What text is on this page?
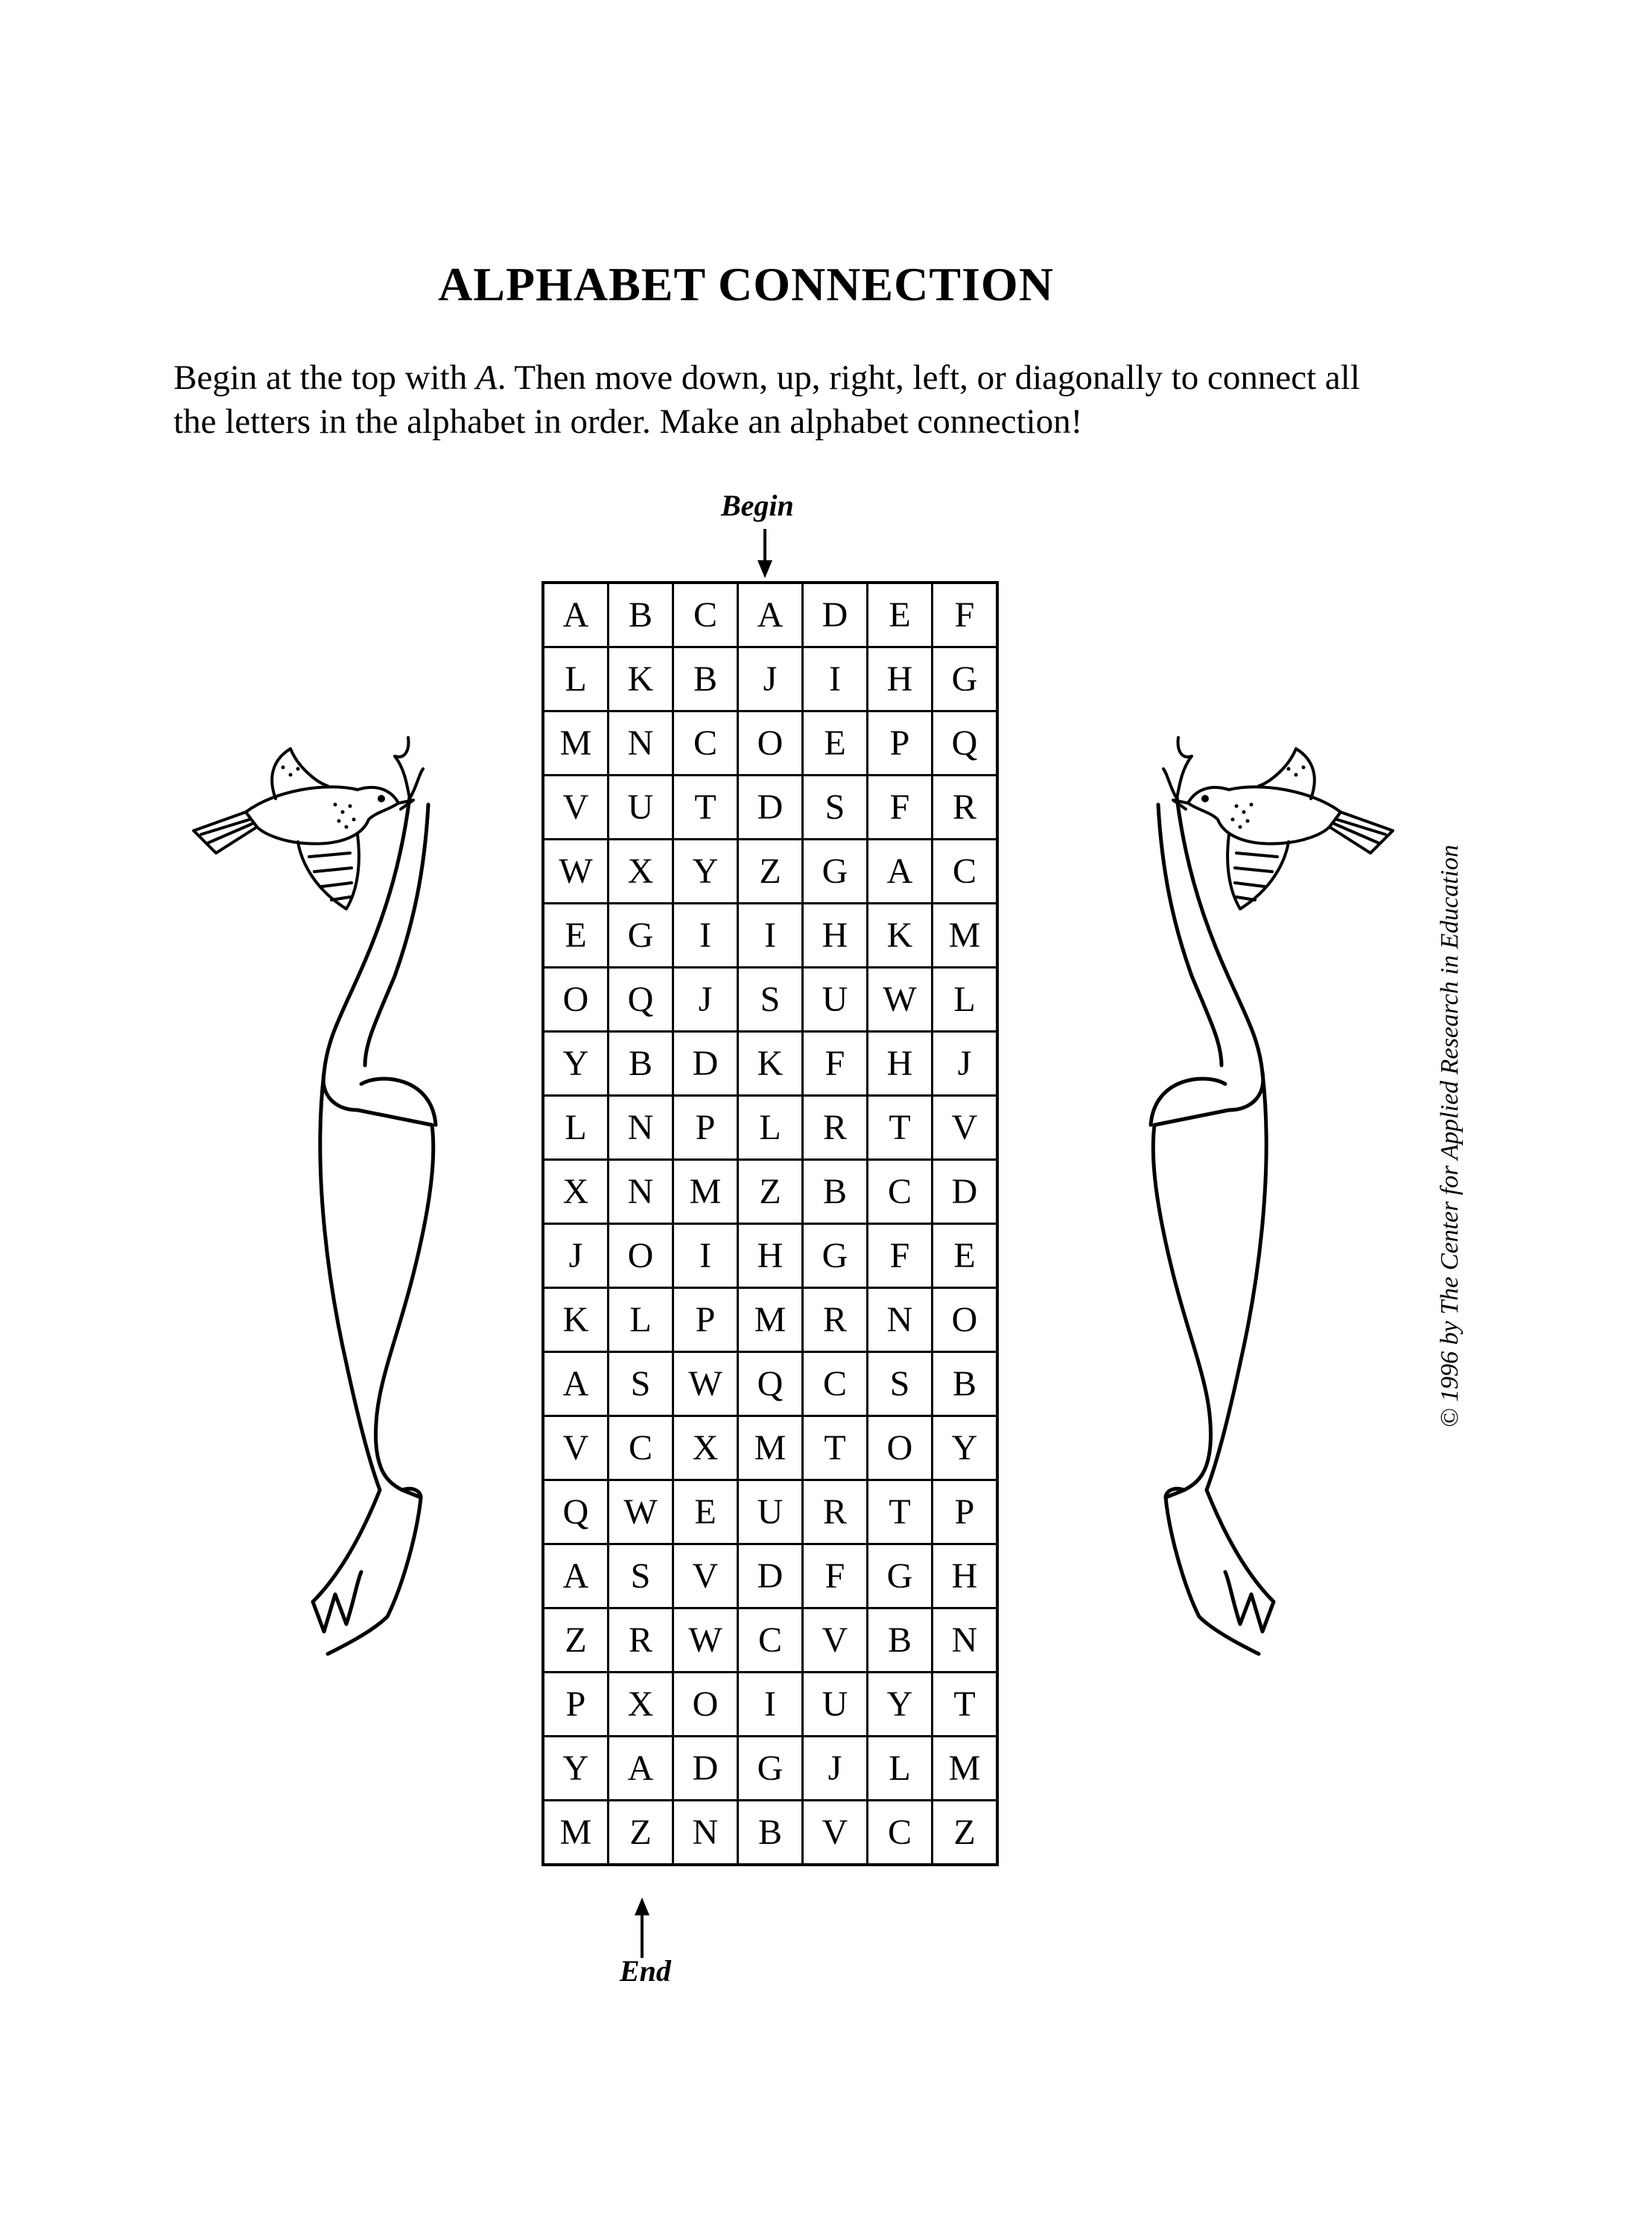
ALPHABET CONNECTION
Begin at the top with A. Then move down, up, right, left, or diagonally to connect all the letters in the alphabet in order. Make an alphabet connection!
Begin
A	B	C	A	D	E	F
L	K	B	J	I	H	G
M	N	C	O	E	P	Q
V	U	T	D	S	F	R
W	X	Y	Z	G	A	C
E	G	I	I	H	K	M
O	Q	J	S	U	W	L
Y	B	D	K	F	H	J
L	N	P	L	R	T	V
X	N	M	Z	B	C	D
J	O	I	H	G	F	E
K	L	P	M	R	N	O
A	S	W	Q	C	S	B
V	C	X	M	T	O	Y
Q	W	E	U	R	T	P
A	S	V	D	F	G	H
Z	R	W	C	V	B	N
P	X	O	I	U	Y	T
Y	A	D	G	J	L	M
M	Z	N	B	V	C	Z
End
© 1996 by The Center for Applied Research in Education
